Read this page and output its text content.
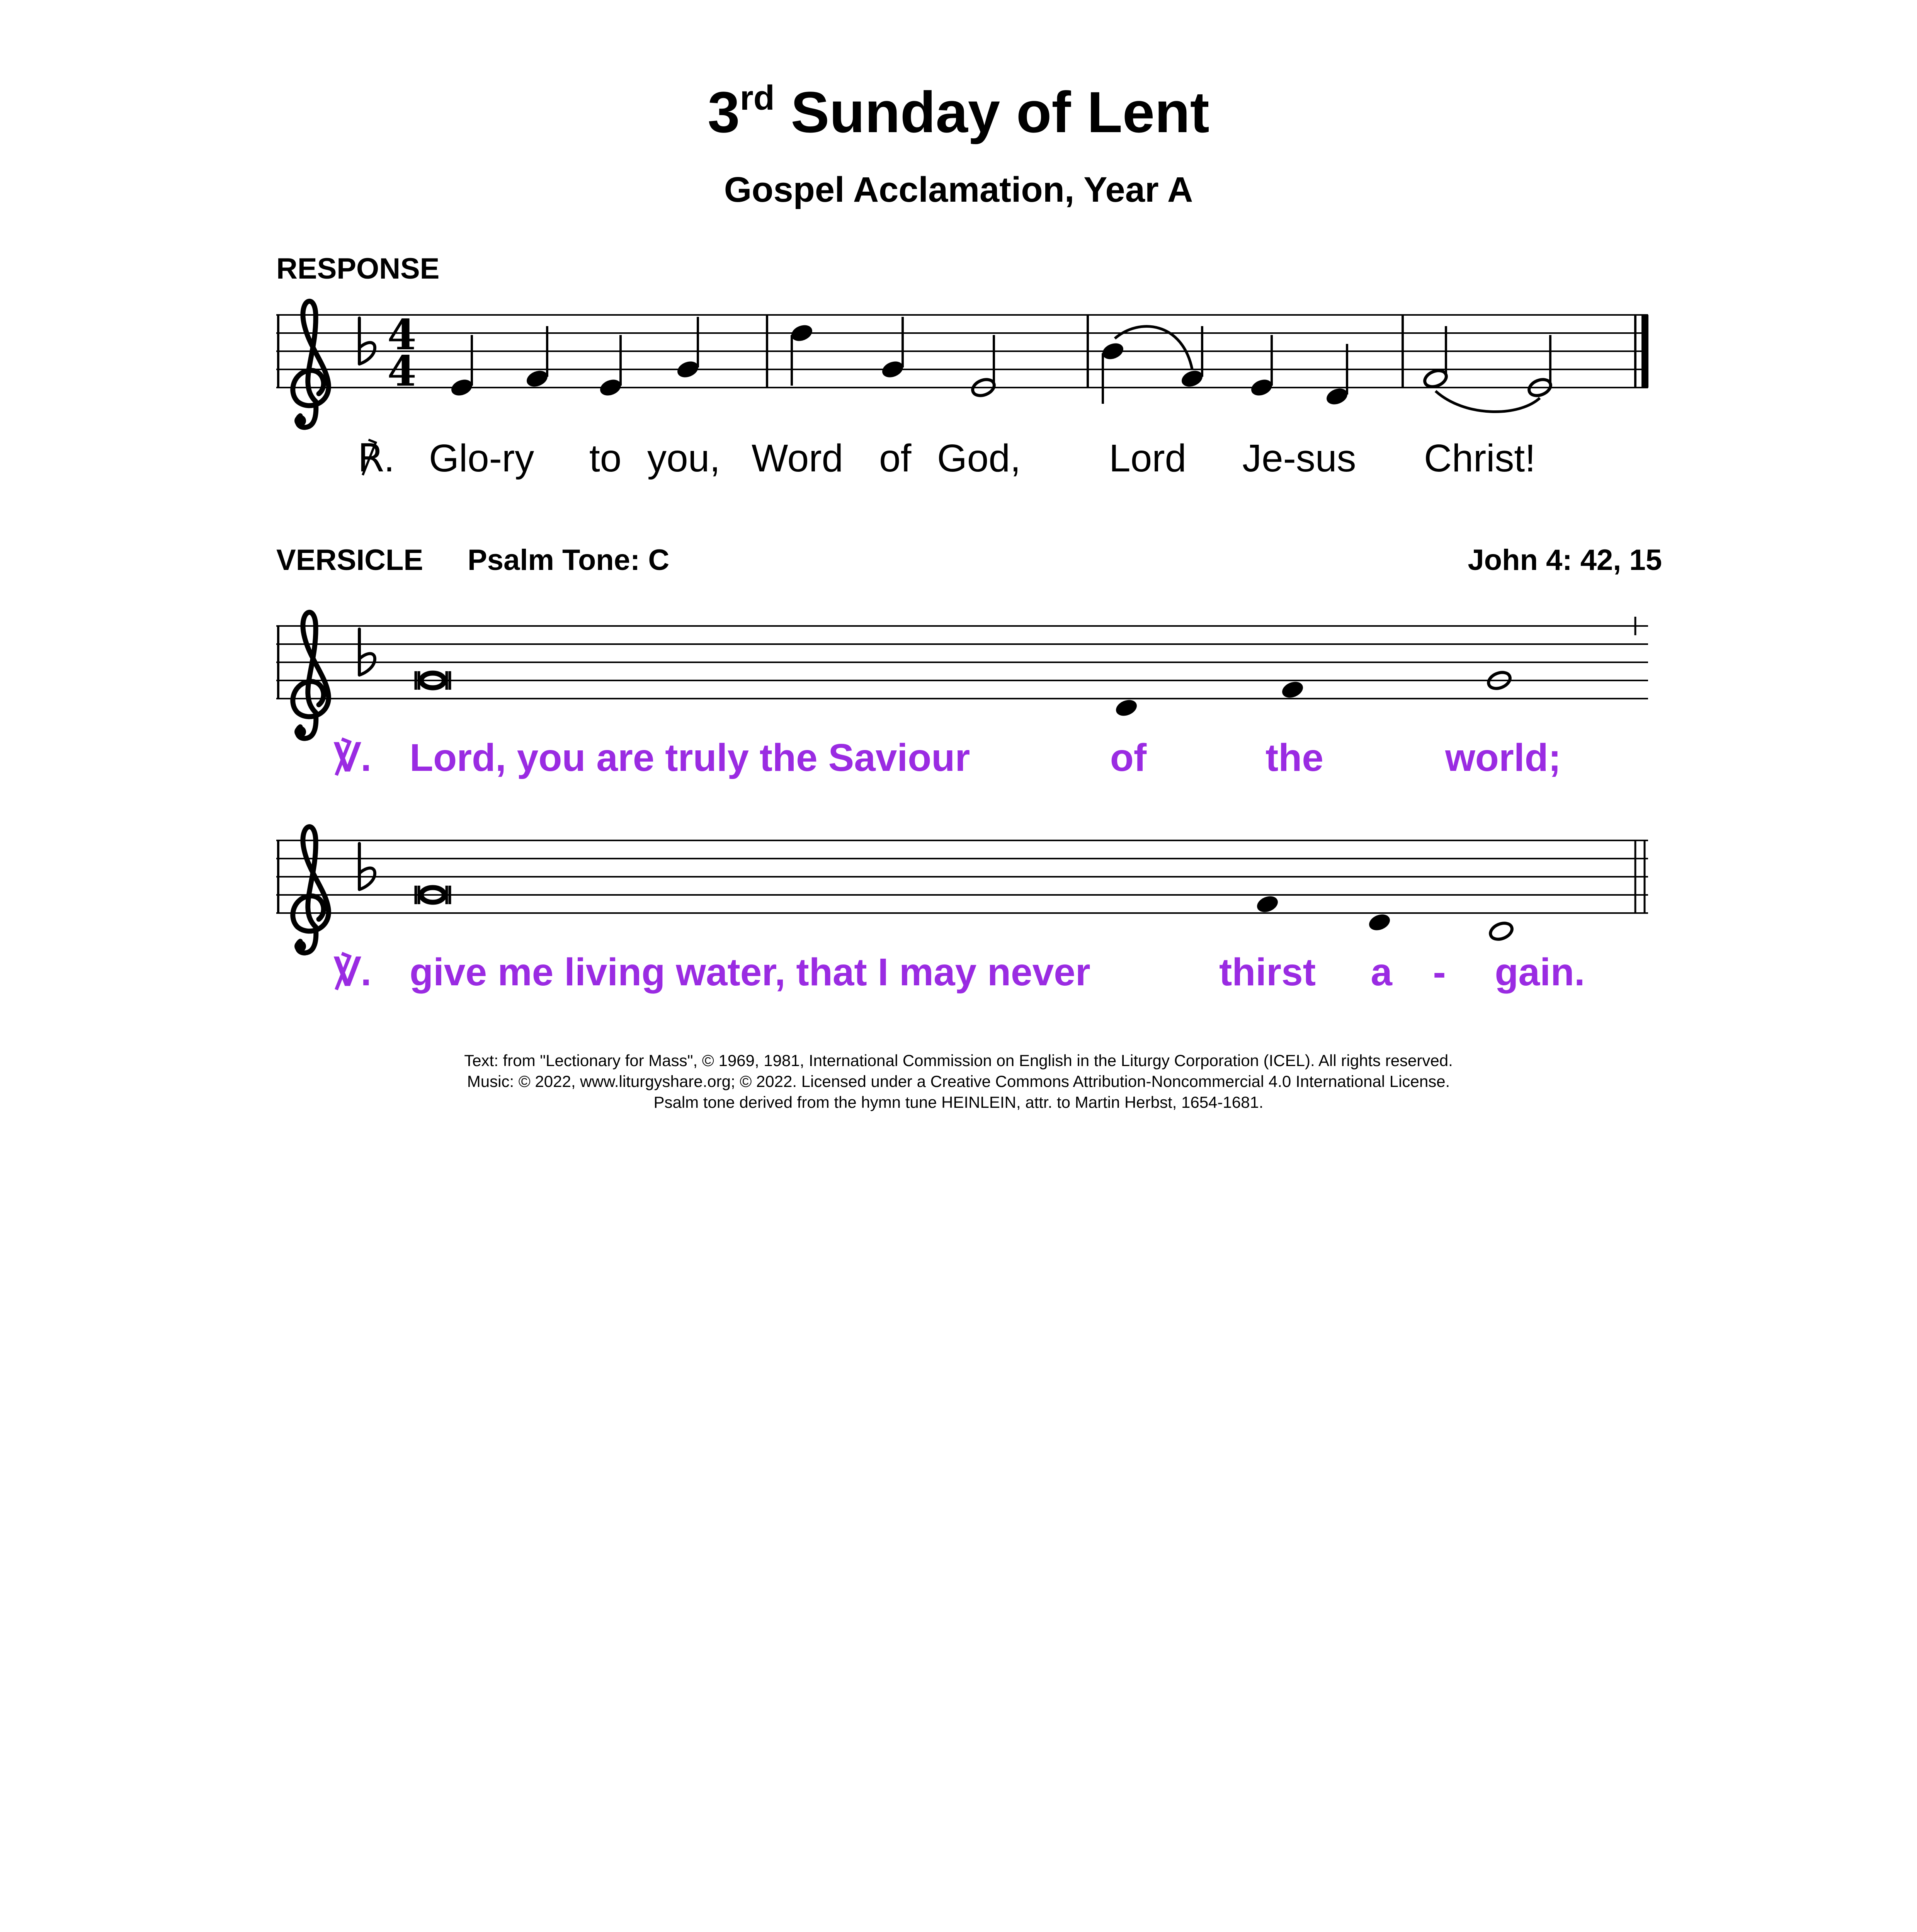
3rd Sunday of Lent
Gospel Acclamation, Year A
RESPONSE
VERSICLE Psalm Tone: C	John 4: 42, 15
4
4
℟. Glo-ry to you, Word of God, Lord Je-sus Christ!
℣. Lord, you are truly the Saviour	of	the	world;
℣. give me living water, that I may never	thirst a - gain.
Text: from "Lectionary for Mass", © 1969, 1981, International Commission on English in the Liturgy Corporation (ICEL). All rights reserved.
Music: © 2022, www.liturgyshare.org; © 2022. Licensed under a Creative Commons Attribution-Noncommercial 4.0 International License.
Psalm tone derived from the hymn tune HEINLEIN, attr. to Martin Herbst, 1654-1681.
